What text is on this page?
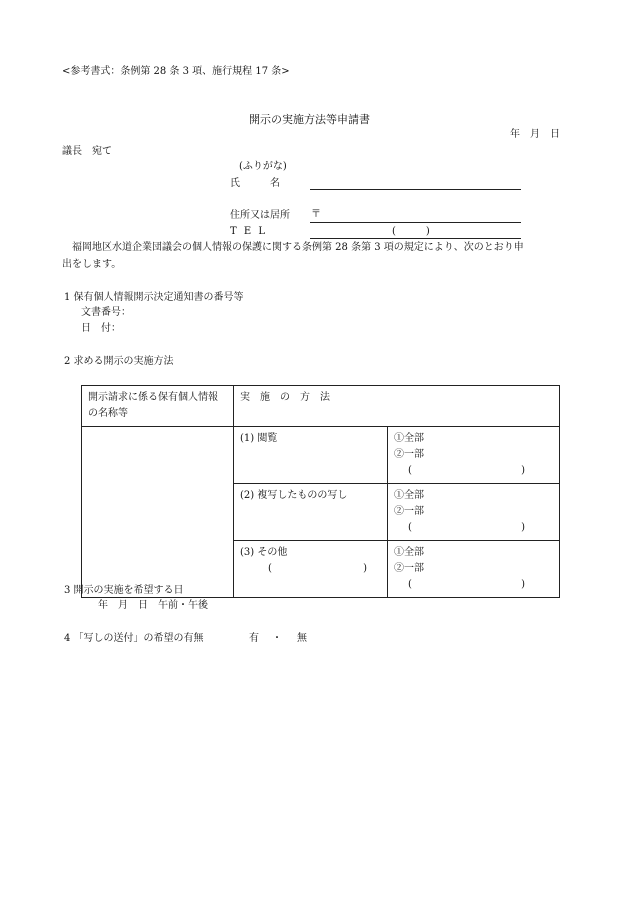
<参考書式：条例第 28 条 3 項、施行規程 17 条>
開示の実施方法等申請書
年　月　日
議長　宛て
(ふりがな)
氏　　　名
住所又は居所 〒
T E L	(　　　)
　福岡地区水道企業団議会の個人情報の保護に関する条例第 28 条第 3 項の規定により、次のとおり申
出をします。
1 保有個人情報開示決定通知書の番号等
文書番号：
日　付：
2 求める開示の実施方法
開示請求に係る保有個人情報の名称等	実　施　の　方　法	
	(1) 閲覧	①全部
②一部
( )

	(2) 複写したものの写し	①全部
②一部
( )

	(3) その他
( )	①全部
②一部
( )
3 開示の実施を希望する日
年　月　日　午前・午後
4 「写しの送付」の希望の有無	有 ・ 無
